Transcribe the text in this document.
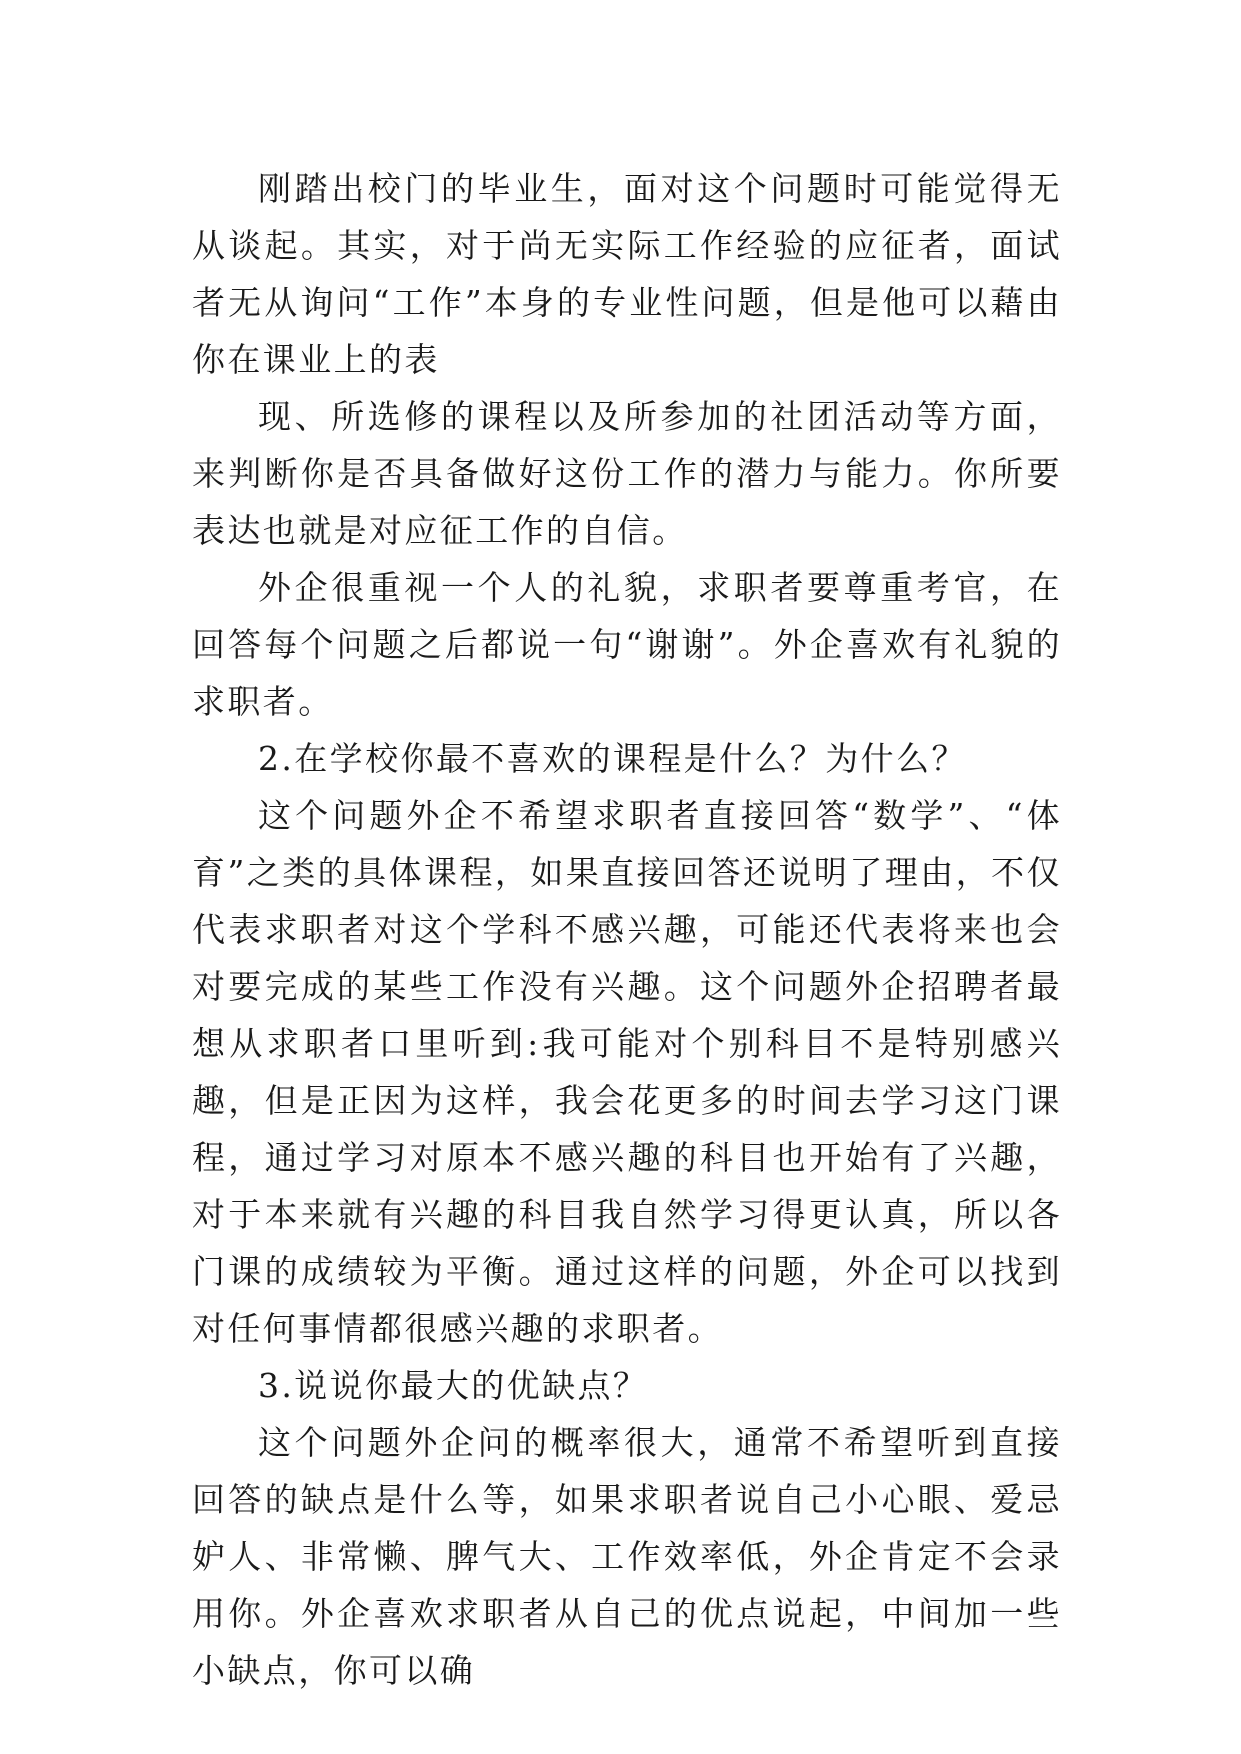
刚踏出校门的毕业生，面对这个问题时可能觉得无从谈起。其实，对于尚无实际工作经验的应征者，面试者无从询问“工作”本身的专业性问题，但是他可以藉由你在课业上的表

现、所选修的课程以及所参加的社团活动等方面，来判断你是否具备做好这份工作的潜力与能力。你所要表达也就是对应征工作的自信。

外企很重视一个人的礼貌，求职者要尊重考官，在回答每个问题之后都说一句“谢谢”。外企喜欢有礼貌的求职者。

2.在学校你最不喜欢的课程是什么？为什么？

这个问题外企不希望求职者直接回答“数学”、“体育”之类的具体课程，如果直接回答还说明了理由，不仅代表求职者对这个学科不感兴趣，可能还代表将来也会对要完成的某些工作没有兴趣。这个问题外企招聘者最想从求职者口里听到:我可能对个别科目不是特别感兴趣，但是正因为这样，我会花更多的时间去学习这门课程，通过学习对原本不感兴趣的科目也开始有了兴趣，对于本来就有兴趣的科目我自然学习得更认真，所以各门课的成绩较为平衡。通过这样的问题，外企可以找到对任何事情都很感兴趣的求职者。

3.说说你最大的优缺点？

这个问题外企问的概率很大，通常不希望听到直接回答的缺点是什么等，如果求职者说自己小心眼、爱忌妒人、非常懒、脾气大、工作效率低，外企肯定不会录用你。外企喜欢求职者从自己的优点说起，中间加一些小缺点，你可以确
